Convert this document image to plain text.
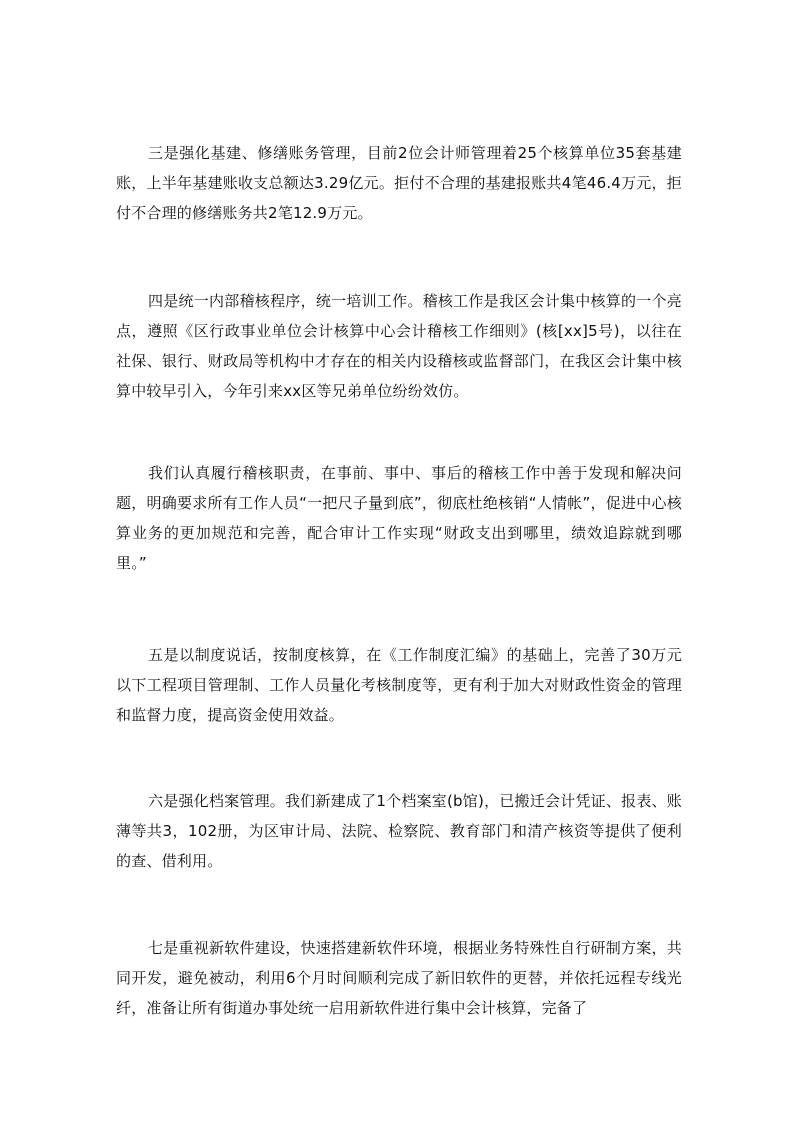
三是强化基建、修缮账务管理，目前2位会计师管理着25个核算单位35套基建账，上半年基建账收支总额达3.29亿元。拒付不合理的基建报账共4笔46.4万元，拒付不合理的修缮账务共2笔12.9万元。

四是统一内部稽核程序，统一培训工作。稽核工作是我区会计集中核算的一个亮点，遵照《区行政事业单位会计核算中心会计稽核工作细则》(核[xx]5号)，以往在社保、银行、财政局等机构中才存在的相关内设稽核或监督部门，在我区会计集中核算中较早引入，今年引来xx区等兄弟单位纷纷效仿。

我们认真履行稽核职责，在事前、事中、事后的稽核工作中善于发现和解决问题，明确要求所有工作人员“一把尺子量到底”，彻底杜绝核销“人情帐”，促进中心核算业务的更加规范和完善，配合审计工作实现“财政支出到哪里，绩效追踪就到哪里。”

五是以制度说话，按制度核算，在《工作制度汇编》的基础上，完善了30万元以下工程项目管理制、工作人员量化考核制度等，更有利于加大对财政性资金的管理和监督力度，提高资金使用效益。

六是强化档案管理。我们新建成了1个档案室(b馆)，已搬迁会计凭证、报表、账薄等共3，102册，为区审计局、法院、检察院、教育部门和清产核资等提供了便利的查、借利用。

七是重视新软件建设，快速搭建新软件环境，根据业务特殊性自行研制方案，共同开发，避免被动，利用6个月时间顺利完成了新旧软件的更替，并依托远程专线光纤，准备让所有街道办事处统一启用新软件进行集中会计核算，完备了
